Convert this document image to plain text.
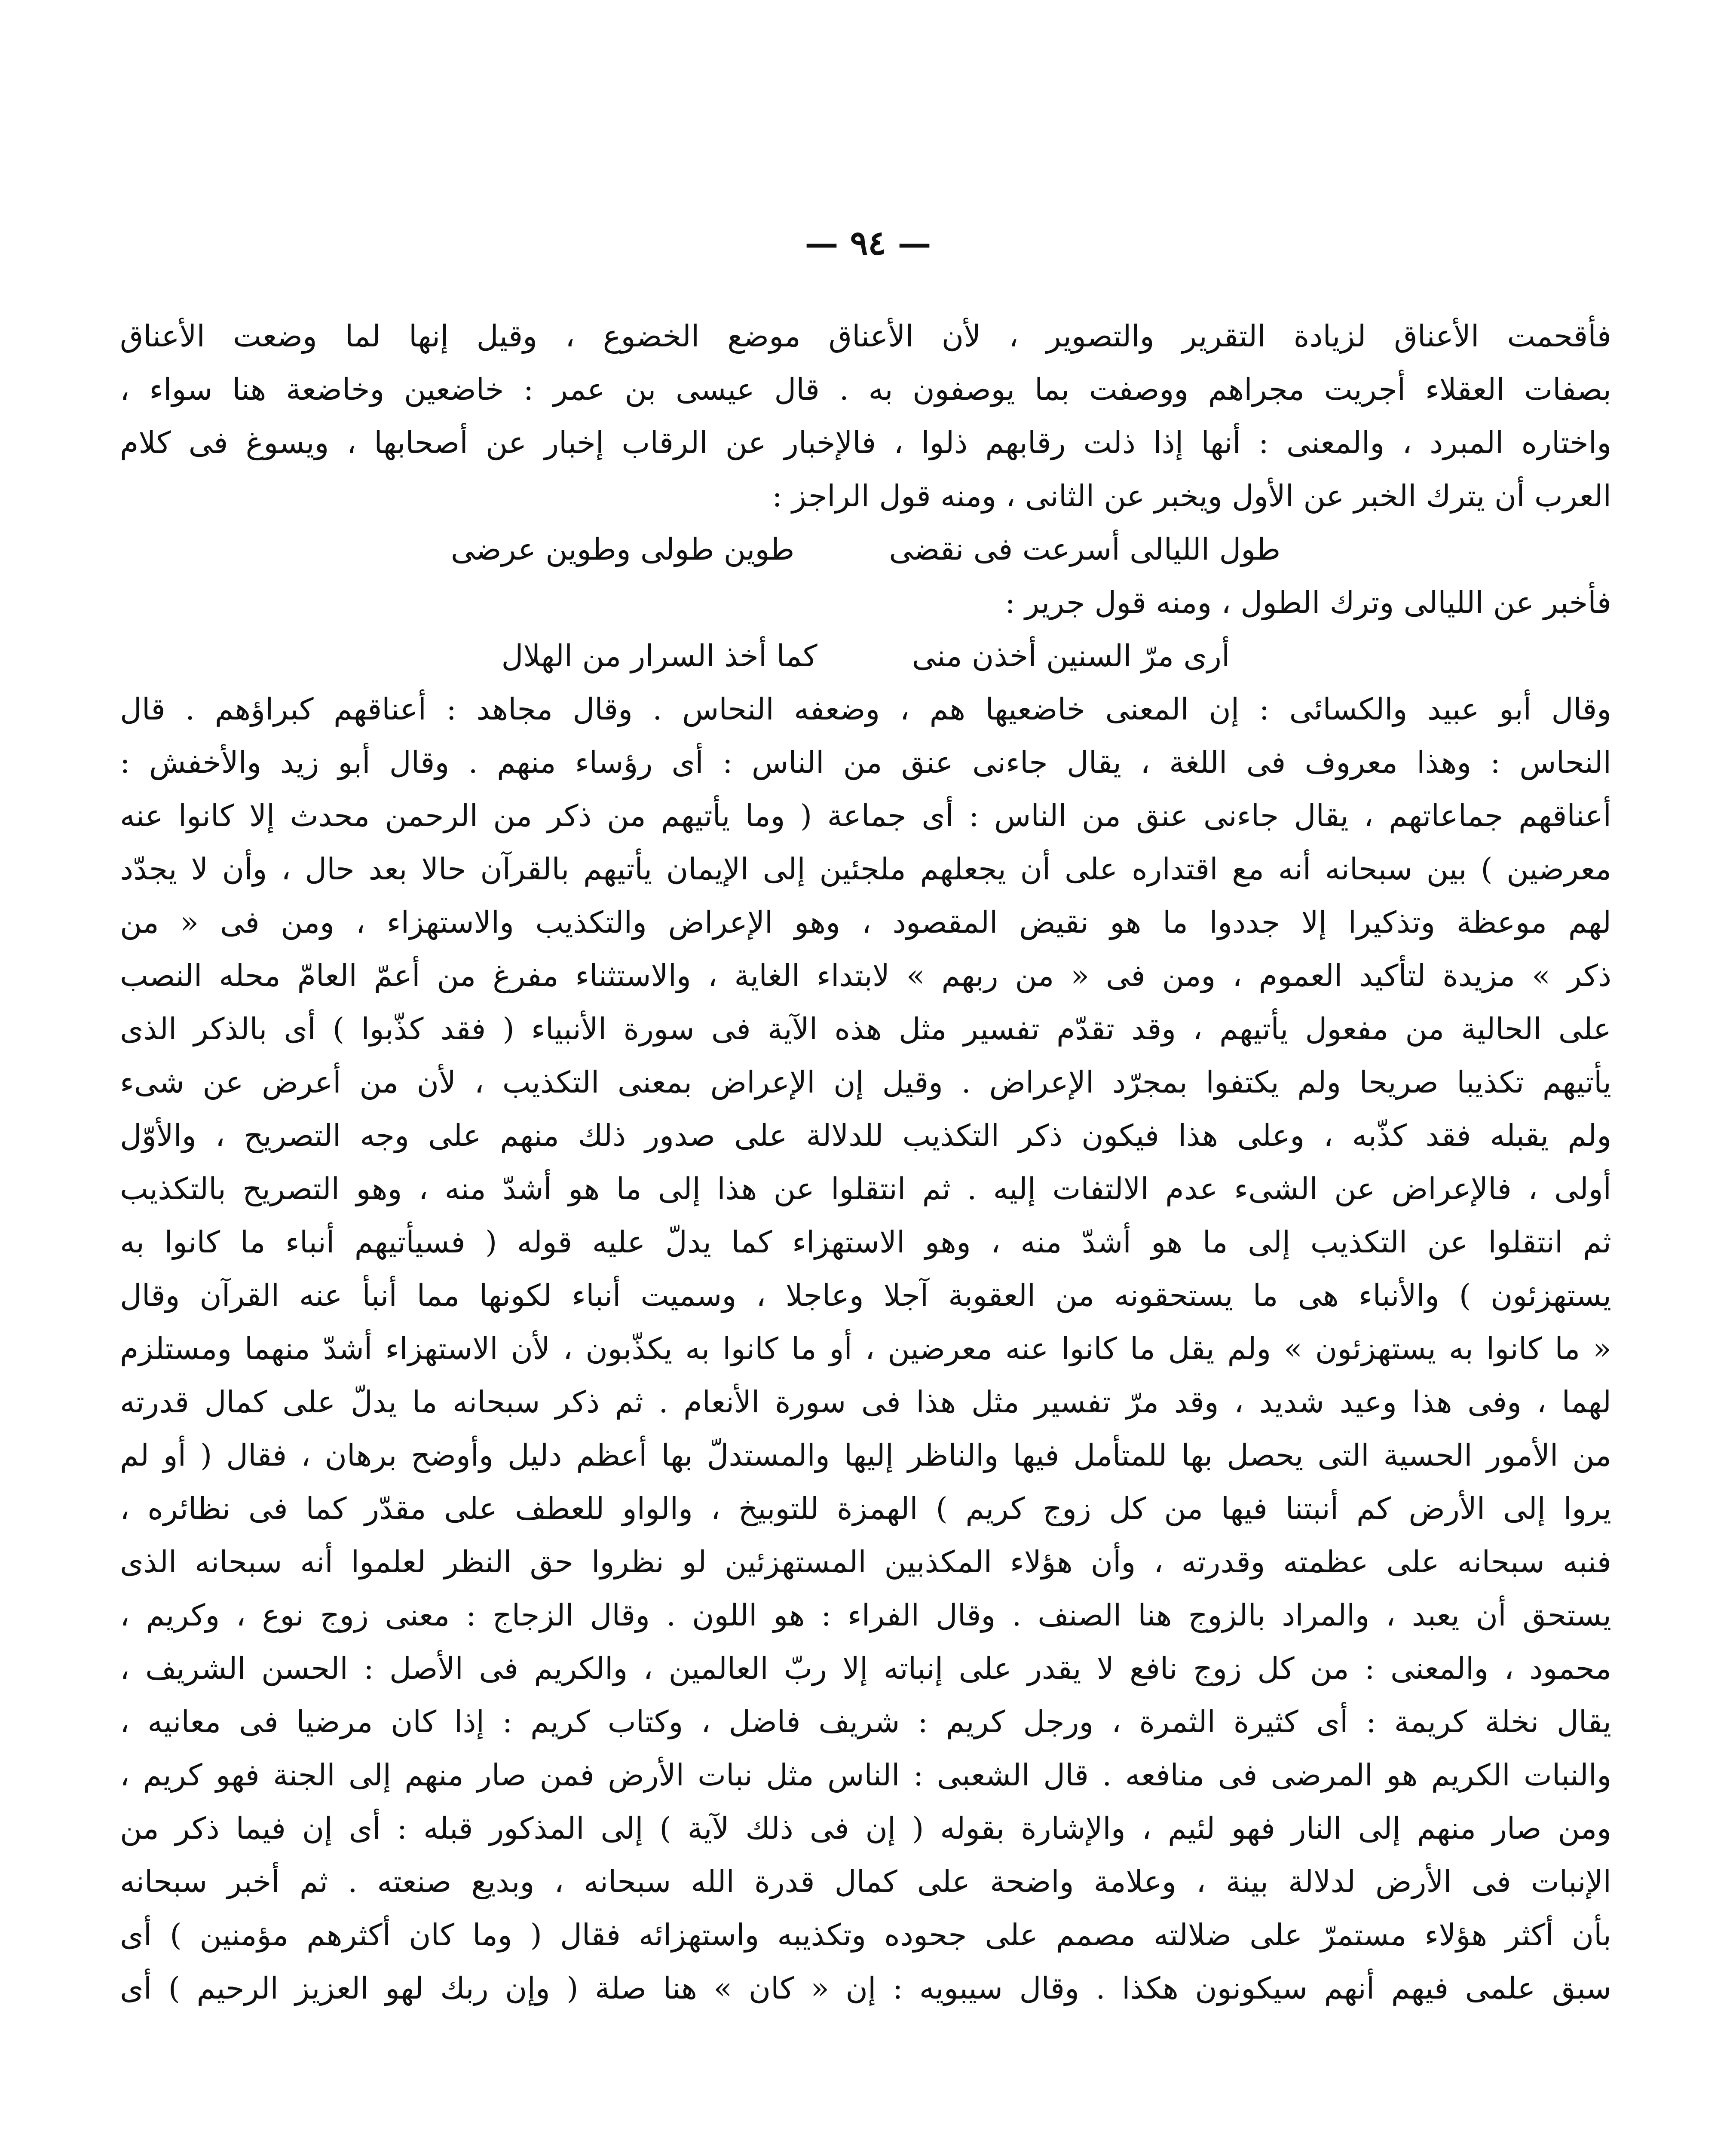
— ٩٤ —
فأقحمت الأعناق لزيادة التقرير والتصوير ، لأن الأعناق موضع الخضوع ، وقيل إنها لما وضعت الأعناق
بصفات العقلاء أجريت مجراهم ووصفت بما يوصفون به . قال عيسى بن عمر : خاضعين وخاضعة هنا سواء ،
واختاره المبرد ، والمعنى : أنها إذا ذلت رقابهم ذلوا ، فالإخبار عن الرقاب إخبار عن أصحابها ، ويسوغ فى كلام
العرب أن يترك الخبر عن الأول ويخبر عن الثانى ، ومنه قول الراجز :
طول الليالى أسرعت فى نقضى
طوين طولى وطوين عرضى
فأخبر عن الليالى وترك الطول ، ومنه قول جرير :
أرى مرّ السنين أخذن منى
كما أخذ السرار من الهلال
وقال أبو عبيد والكسائى : إن المعنى خاضعيها هم ، وضعفه النحاس . وقال مجاهد : أعناقهم كبراؤهم . قال
النحاس : وهذا معروف فى اللغة ، يقال جاءنى عنق من الناس : أى رؤساء منهم . وقال أبو زيد والأخفش :
أعناقهم جماعاتهم ، يقال جاءنى عنق من الناس : أى جماعة ( وما يأتيهم من ذكر من الرحمن محدث إلا كانوا عنه
معرضين ) بين سبحانه أنه مع اقتداره على أن يجعلهم ملجئين إلى الإيمان يأتيهم بالقرآن حالا بعد حال ، وأن لا يجدّد
لهم موعظة وتذكيرا إلا جددوا ما هو نقيض المقصود ، وهو الإعراض والتكذيب والاستهزاء ، ومن فى « من
ذكر » مزيدة لتأكيد العموم ، ومن فى « من ربهم » لابتداء الغاية ، والاستثناء مفرغ من أعمّ العامّ محله النصب
على الحالية من مفعول يأتيهم ، وقد تقدّم تفسير مثل هذه الآية فى سورة الأنبياء ( فقد كذّبوا ) أى بالذكر الذى
يأتيهم تكذيبا صريحا ولم يكتفوا بمجرّد الإعراض . وقيل إن الإعراض بمعنى التكذيب ، لأن من أعرض عن شىء
ولم يقبله فقد كذّبه ، وعلى هذا فيكون ذكر التكذيب للدلالة على صدور ذلك منهم على وجه التصريح ، والأوّل
أولى ، فالإعراض عن الشىء عدم الالتفات إليه . ثم انتقلوا عن هذا إلى ما هو أشدّ منه ، وهو التصريح بالتكذيب
ثم انتقلوا عن التكذيب إلى ما هو أشدّ منه ، وهو الاستهزاء كما يدلّ عليه قوله ( فسيأتيهم أنباء ما كانوا به
يستهزئون ) والأنباء هى ما يستحقونه من العقوبة آجلا وعاجلا ، وسميت أنباء لكونها مما أنبأ عنه القرآن وقال
« ما كانوا به يستهزئون » ولم يقل ما كانوا عنه معرضين ، أو ما كانوا به يكذّبون ، لأن الاستهزاء أشدّ منهما ومستلزم
لهما ، وفى هذا وعيد شديد ، وقد مرّ تفسير مثل هذا فى سورة الأنعام . ثم ذكر سبحانه ما يدلّ على كمال قدرته
من الأمور الحسية التى يحصل بها للمتأمل فيها والناظر إليها والمستدلّ بها أعظم دليل وأوضح برهان ، فقال ( أو لم
يروا إلى الأرض كم أنبتنا فيها من كل زوج كريم ) الهمزة للتوبيخ ، والواو للعطف على مقدّر كما فى نظائره ،
فنبه سبحانه على عظمته وقدرته ، وأن هؤلاء المكذبين المستهزئين لو نظروا حق النظر لعلموا أنه سبحانه الذى
يستحق أن يعبد ، والمراد بالزوج هنا الصنف . وقال الفراء : هو اللون . وقال الزجاج : معنى زوج نوع ، وكريم ،
محمود ، والمعنى : من كل زوج نافع لا يقدر على إنباته إلا ربّ العالمين ، والكريم فى الأصل : الحسن الشريف ،
يقال نخلة كريمة : أى كثيرة الثمرة ، ورجل كريم : شريف فاضل ، وكتاب كريم : إذا كان مرضيا فى معانيه ،
والنبات الكريم هو المرضى فى منافعه . قال الشعبى : الناس مثل نبات الأرض فمن صار منهم إلى الجنة فهو كريم ،
ومن صار منهم إلى النار فهو لئيم ، والإشارة بقوله ( إن فى ذلك لآية ) إلى المذكور قبله : أى إن فيما ذكر من
الإنبات فى الأرض لدلالة بينة ، وعلامة واضحة على كمال قدرة الله سبحانه ، وبديع صنعته . ثم أخبر سبحانه
بأن أكثر هؤلاء مستمرّ على ضلالته مصمم على جحوده وتكذيبه واستهزائه فقال ( وما كان أكثرهم مؤمنين ) أى
سبق علمى فيهم أنهم سيكونون هكذا . وقال سيبويه : إن « كان » هنا صلة ( وإن ربك لهو العزيز الرحيم ) أى
